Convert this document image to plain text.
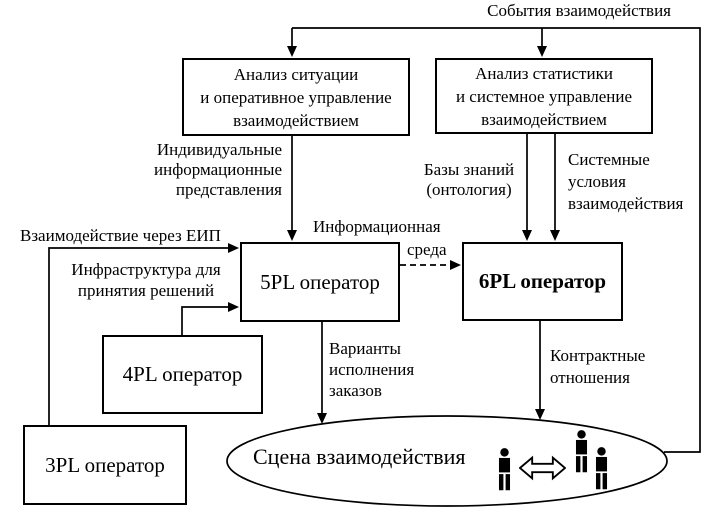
События взаимодействия
Анализ ситуации
и оперативное управление
взаимодействием
Анализ статистики
и системное управление
взаимодействием
5PL оператор	6PL оператор
4PL оператор
3PL оператор
Индивидуальные
информационные
представления
Базы знаний
(онтология)
Системные
условия
взаимодействия
Взаимодействие через ЕИП
Инфраструктура для
принятия решений
Информационная
среда
Варианты
исполнения
заказов
Контрактные
отношения
Сцена взаимодействия
